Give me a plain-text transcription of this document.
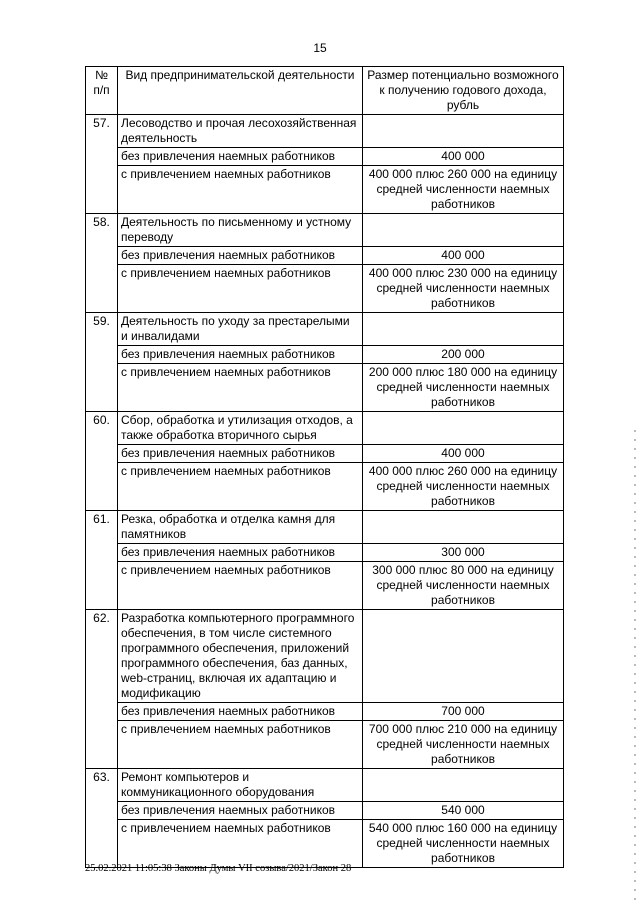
15
№ п/п	Вид предпринимательской деятельности	Размер потенциально возможного к получению годового дохода, рубль
57.	Лесоводство и прочая лесохозяйственная деятельность	
	без привлечения наемных работников	400 000
	с привлечением наемных работников	400 000 плюс 260 000 на единицу средней численности наемных работников
58.	Деятельность по письменному и устному переводу	
	без привлечения наемных работников	400 000
	с привлечением наемных работников	400 000 плюс 230 000 на единицу средней численности наемных работников
59.	Деятельность по уходу за престарелыми и инвалидами	
	без привлечения наемных работников	200 000
	с привлечением наемных работников	200 000 плюс 180 000 на единицу средней численности наемных работников
60.	Сбор, обработка и утилизация отходов, а также обработка вторичного сырья	
	без привлечения наемных работников	400 000
	с привлечением наемных работников	400 000 плюс 260 000 на единицу средней численности наемных работников
61.	Резка, обработка и отделка камня для памятников	
	без привлечения наемных работников	300 000
	с привлечением наемных работников	300 000 плюс 80 000 на единицу средней численности наемных работников
62.	Разработка компьютерного программного обеспечения, в том числе системного программного обеспечения, приложений программного обеспечения, баз данных, web-страниц, включая их адаптацию и модификацию	
	без привлечения наемных работников	700 000
	с привлечением наемных работников	700 000 плюс 210 000 на единицу средней численности наемных работников
63.	Ремонт компьютеров и коммуникационного оборудования	
	без привлечения наемных работников	540 000
	с привлечением наемных работников	540 000 плюс 160 000 на единицу средней численности наемных работников
25.02.2021 11:05:38 Законы Думы VII созыва/2021/Закон 28
